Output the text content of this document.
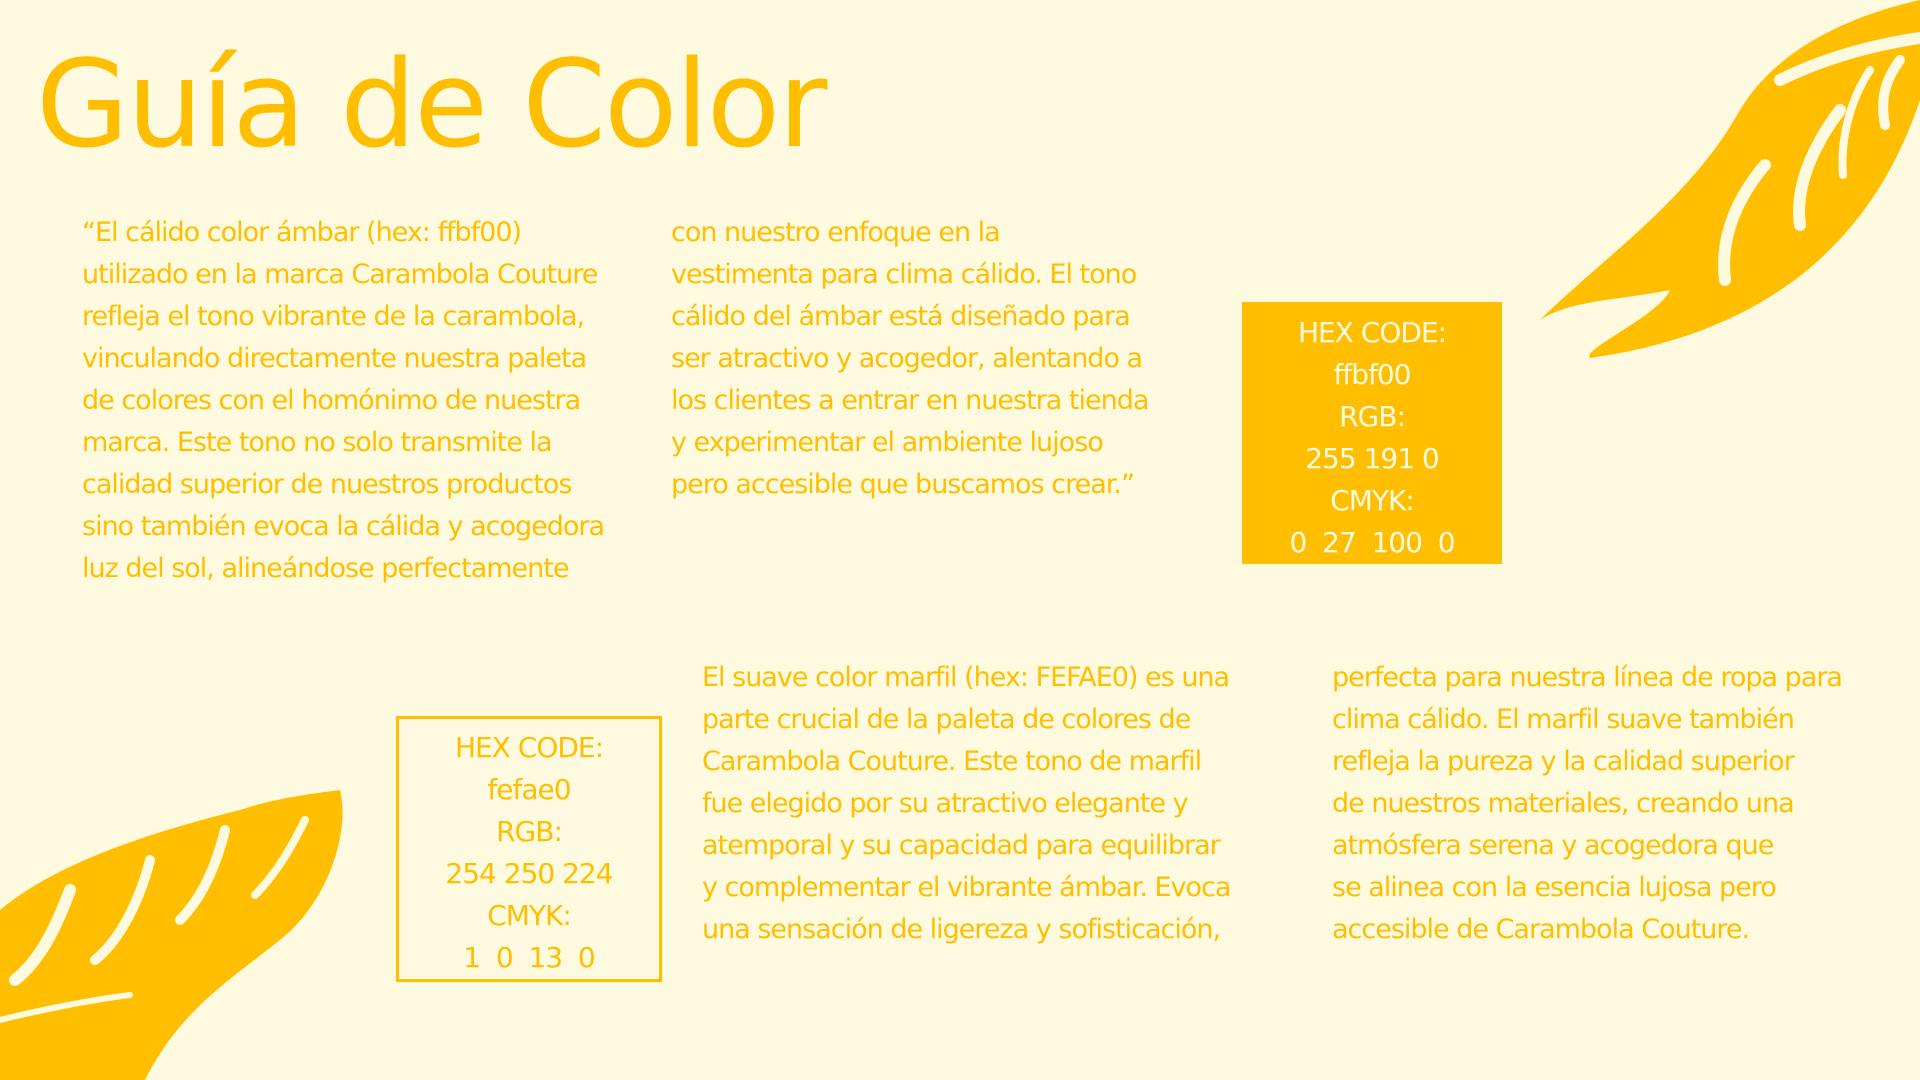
Guía de Color
“El cálido color ámbar (hex: ffbf00)
utilizado en la marca Carambola Couture
refleja el tono vibrante de la carambola,
vinculando directamente nuestra paleta
de colores con el homónimo de nuestra
marca. Este tono no solo transmite la
calidad superior de nuestros productos
sino también evoca la cálida y acogedora
luz del sol, alineándose perfectamente
con nuestro enfoque en la
vestimenta para clima cálido. El tono
cálido del ámbar está diseñado para
ser atractivo y acogedor, alentando a
los clientes a entrar en nuestra tienda
y experimentar el ambiente lujoso
pero accesible que buscamos crear.”
HEX CODE:
ffbf00
RGB:
255 191 0
CMYK:
0  27  100  0
HEX CODE:
fefae0
RGB:
254 250 224
CMYK:
1  0  13  0
El suave color marfil (hex: FEFAE0) es una
parte crucial de la paleta de colores de
Carambola Couture. Este tono de marfil
fue elegido por su atractivo elegante y
atemporal y su capacidad para equilibrar
y complementar el vibrante ámbar. Evoca
una sensación de ligereza y sofisticación,
perfecta para nuestra línea de ropa para
clima cálido. El marfil suave también
refleja la pureza y la calidad superior
de nuestros materiales, creando una
atmósfera serena y acogedora que
se alinea con la esencia lujosa pero
accesible de Carambola Couture.
